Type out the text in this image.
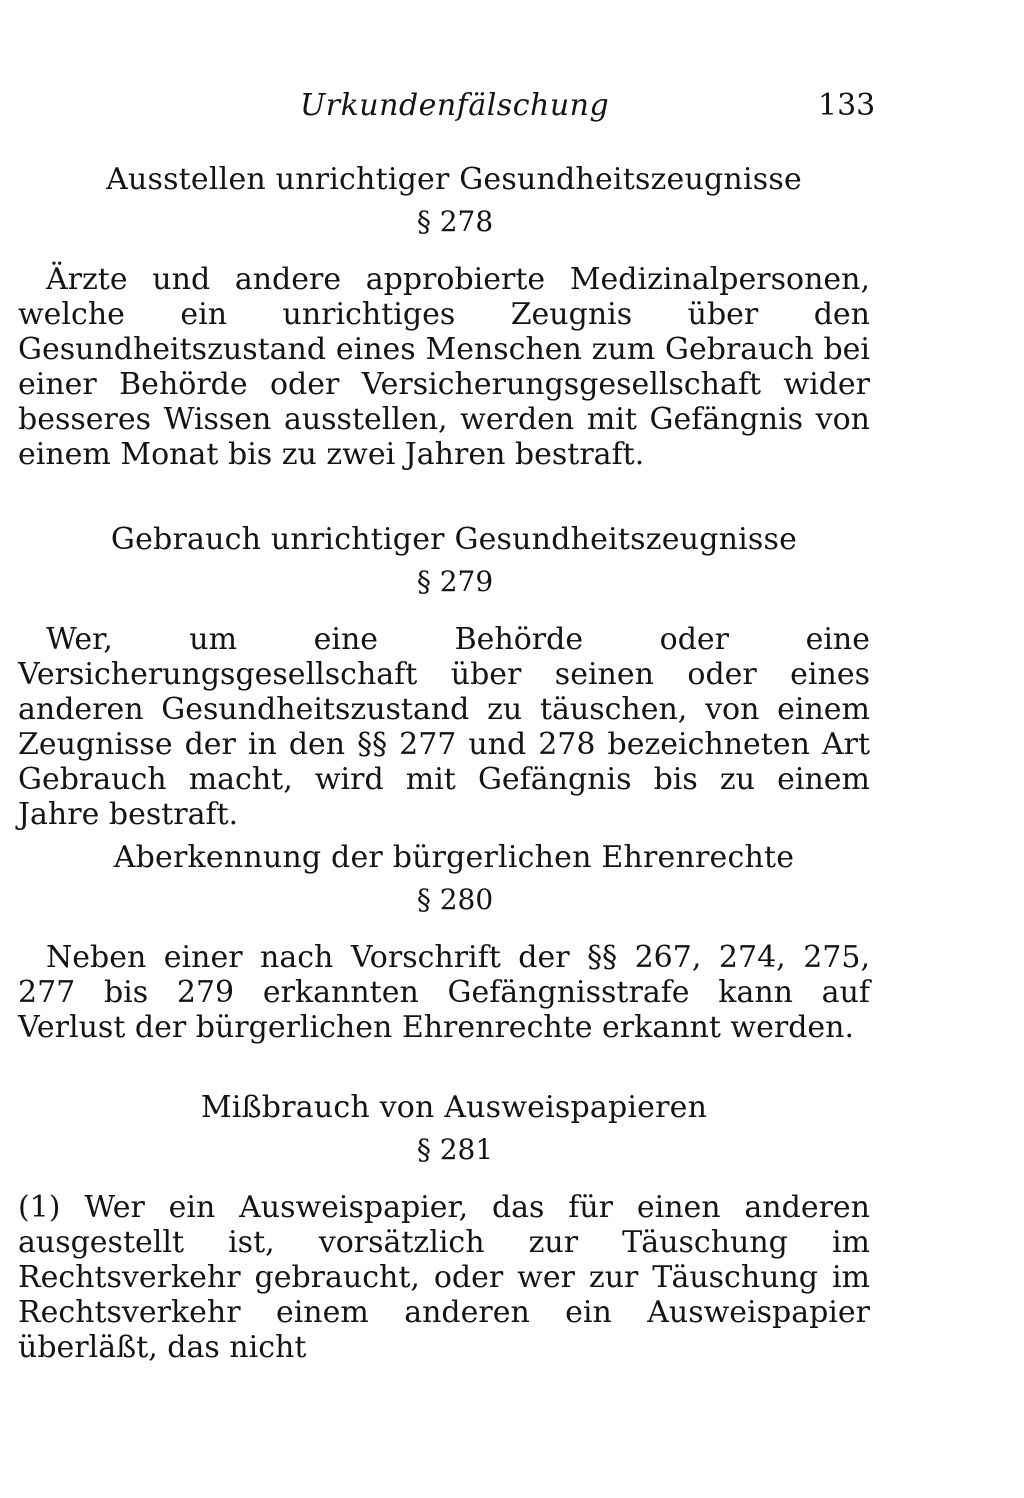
Urkundenfälschung	133
Ausstellen unrichtiger Gesundheitszeugnisse
§ 278
Ärzte und andere approbierte Medizinalpersonen, welche ein unrichtiges Zeugnis über den Gesundheitszustand eines Menschen zum Gebrauch bei einer Behörde oder Versicherungsgesellschaft wider besseres Wissen ausstellen, werden mit Gefängnis von einem Monat bis zu zwei Jahren bestraft.
Gebrauch unrichtiger Gesundheitszeugnisse
§ 279
Wer, um eine Behörde oder eine Versicherungsgesellschaft über seinen oder eines anderen Gesundheitszustand zu täuschen, von einem Zeugnisse der in den §§ 277 und 278 bezeichneten Art Gebrauch macht, wird mit Gefängnis bis zu einem Jahre bestraft.
Aberkennung der bürgerlichen Ehrenrechte
§ 280
Neben einer nach Vorschrift der §§ 267, 274, 275, 277 bis 279 erkannten Gefängnisstrafe kann auf Verlust der bürgerlichen Ehrenrechte erkannt werden.
Mißbrauch von Ausweispapieren
§ 281
(1) Wer ein Ausweispapier, das für einen anderen ausgestellt ist, vorsätzlich zur Täuschung im Rechtsverkehr gebraucht, oder wer zur Täuschung im Rechtsverkehr einem anderen ein Ausweispapier überläßt, das nicht
